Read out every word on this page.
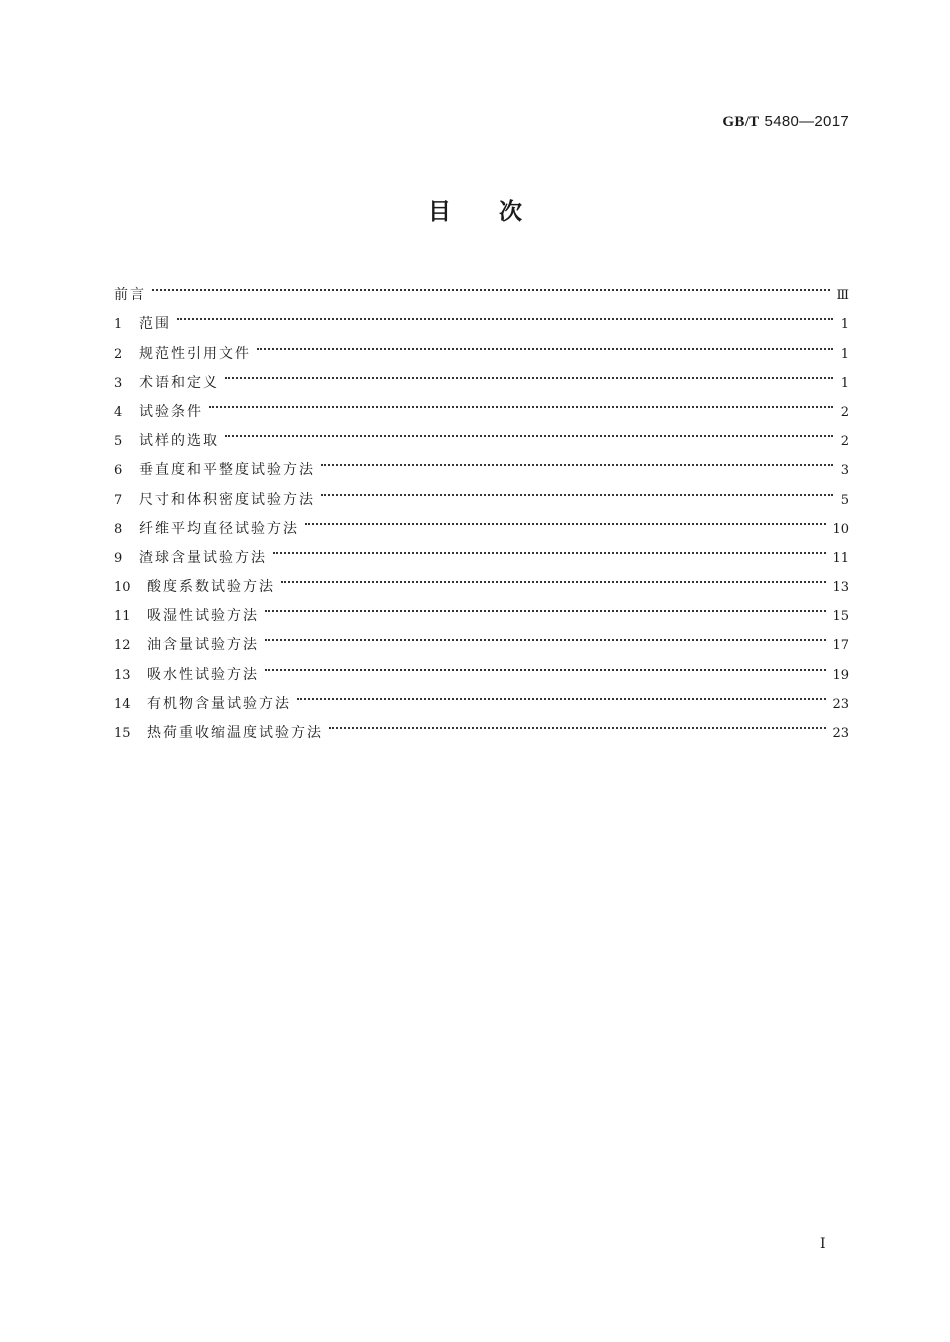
GB/T 5480—2017
目次
前言	Ⅲ
1	范围	1
2	规范性引用文件	1
3	术语和定义	1
4	试验条件	2
5	试样的选取	2
6	垂直度和平整度试验方法	3
7	尺寸和体积密度试验方法	5
8	纤维平均直径试验方法	10
9	渣球含量试验方法	11
10	酸度系数试验方法	13
11	吸湿性试验方法	15
12	油含量试验方法	17
13	吸水性试验方法	19
14	有机物含量试验方法	23
15	热荷重收缩温度试验方法	23
Ⅰ
